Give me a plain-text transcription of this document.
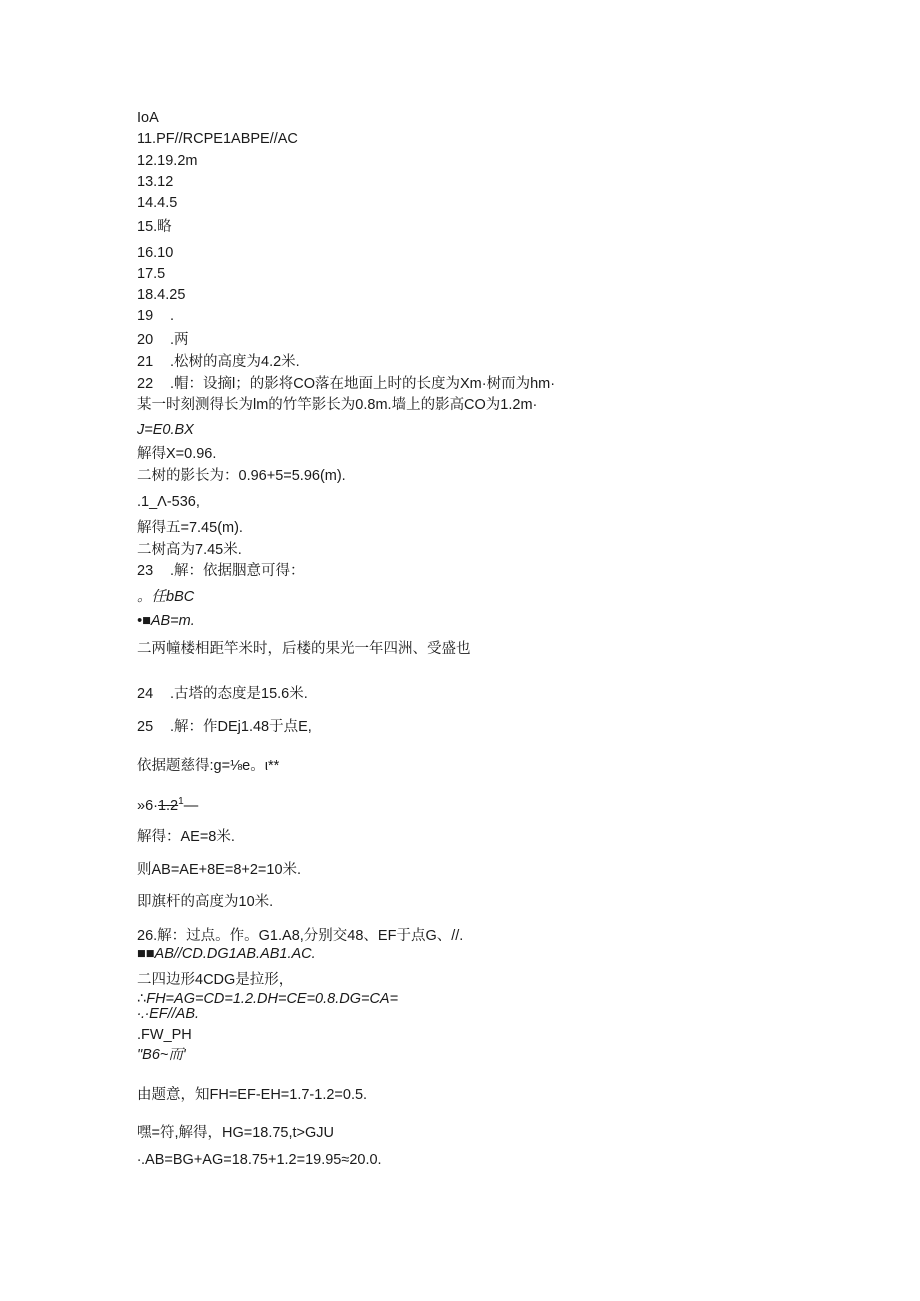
IoA
11.PF//RCPE1ABPE//AC
12.19.2m
13.12
14.4.5
15.略
16.10
17.5
18.4.25
19 .
20 .两
21 .松树的高度为4.2米.
22 .帽：设摘l；的影将CO落在地面上时的长度为Xm·树而为hm·
某一时刻测得长为lm的竹竿影长为0.8m.墙上的影高CO为1.2m·
J=E0.BX
解得X=0.96.
二树的影长为：0.96+5=5.96(m).
.1_Λ-536,
解得五=7.45(m).
二树高为7.45米.
23 .解：依据胭意可得：
。任bBC
•■AB=m.
二两幢楼相距竿米时，后楼的果光一年四洲、受盛也
24 .古塔的态度是15.6米.
25 .解：作DEj1.48于点E,
依据题慈得:g=⅛e。ι**
$»6\cdot 1.2^1—$
解得：AE=8米.
则AB=AE+8E=8+2=10米.
即旗杆的高度为10米.
26.解：过点。作。G1.A8,分别交48、EF于点G、//.
■■AB//CD.DG1AB.AB1.AC.
二四边形4CDG是拉形，
∴FH=AG=CD=1.2.DH=CE=0.8.DG=CA=
∙.∙EF//AB.
.FW_PH
"B6~而'
由题意，知FH=EF-EH=1.7-1.2=0.5.
嘿=符,解得，HG=18.75,t>GJU
∙.AB=BG+AG=18.75+1.2=19.95≈20.0.
